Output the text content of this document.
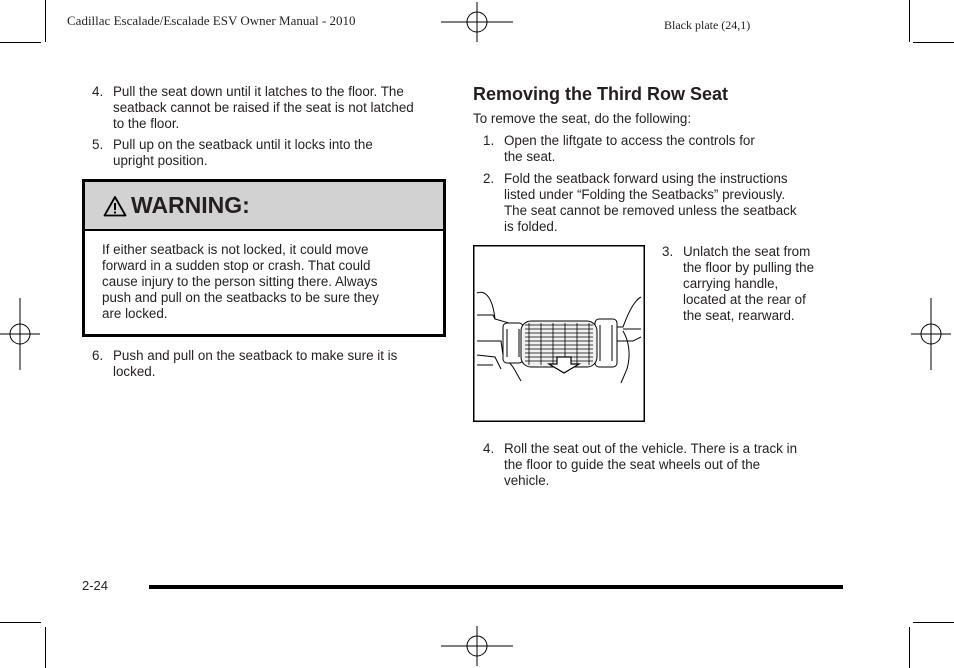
Cadillac Escalade/Escalade ESV Owner Manual - 2010	Black plate (24,1)
4. Pull the seat down until it latches to the floor. The
seatback cannot be raised if the seat is not latched
to the floor.
5. Pull up on the seatback until it locks into the
upright position.
WARNING:
If either seatback is not locked, it could move
forward in a sudden stop or crash. That could
cause injury to the person sitting there. Always
push and pull on the seatbacks to be sure they
are locked.
6. Push and pull on the seatback to make sure it is
locked.
Removing the Third Row Seat
To remove the seat, do the following:
1. Open the liftgate to access the controls for
the seat.
2. Fold the seatback forward using the instructions
listed under “Folding the Seatbacks” previously.
The seat cannot be removed unless the seatback
is folded.
3. Unlatch the seat from
the floor by pulling the
carrying handle,
located at the rear of
the seat, rearward.
4. Roll the seat out of the vehicle. There is a track in
the floor to guide the seat wheels out of the
vehicle.
2-24
